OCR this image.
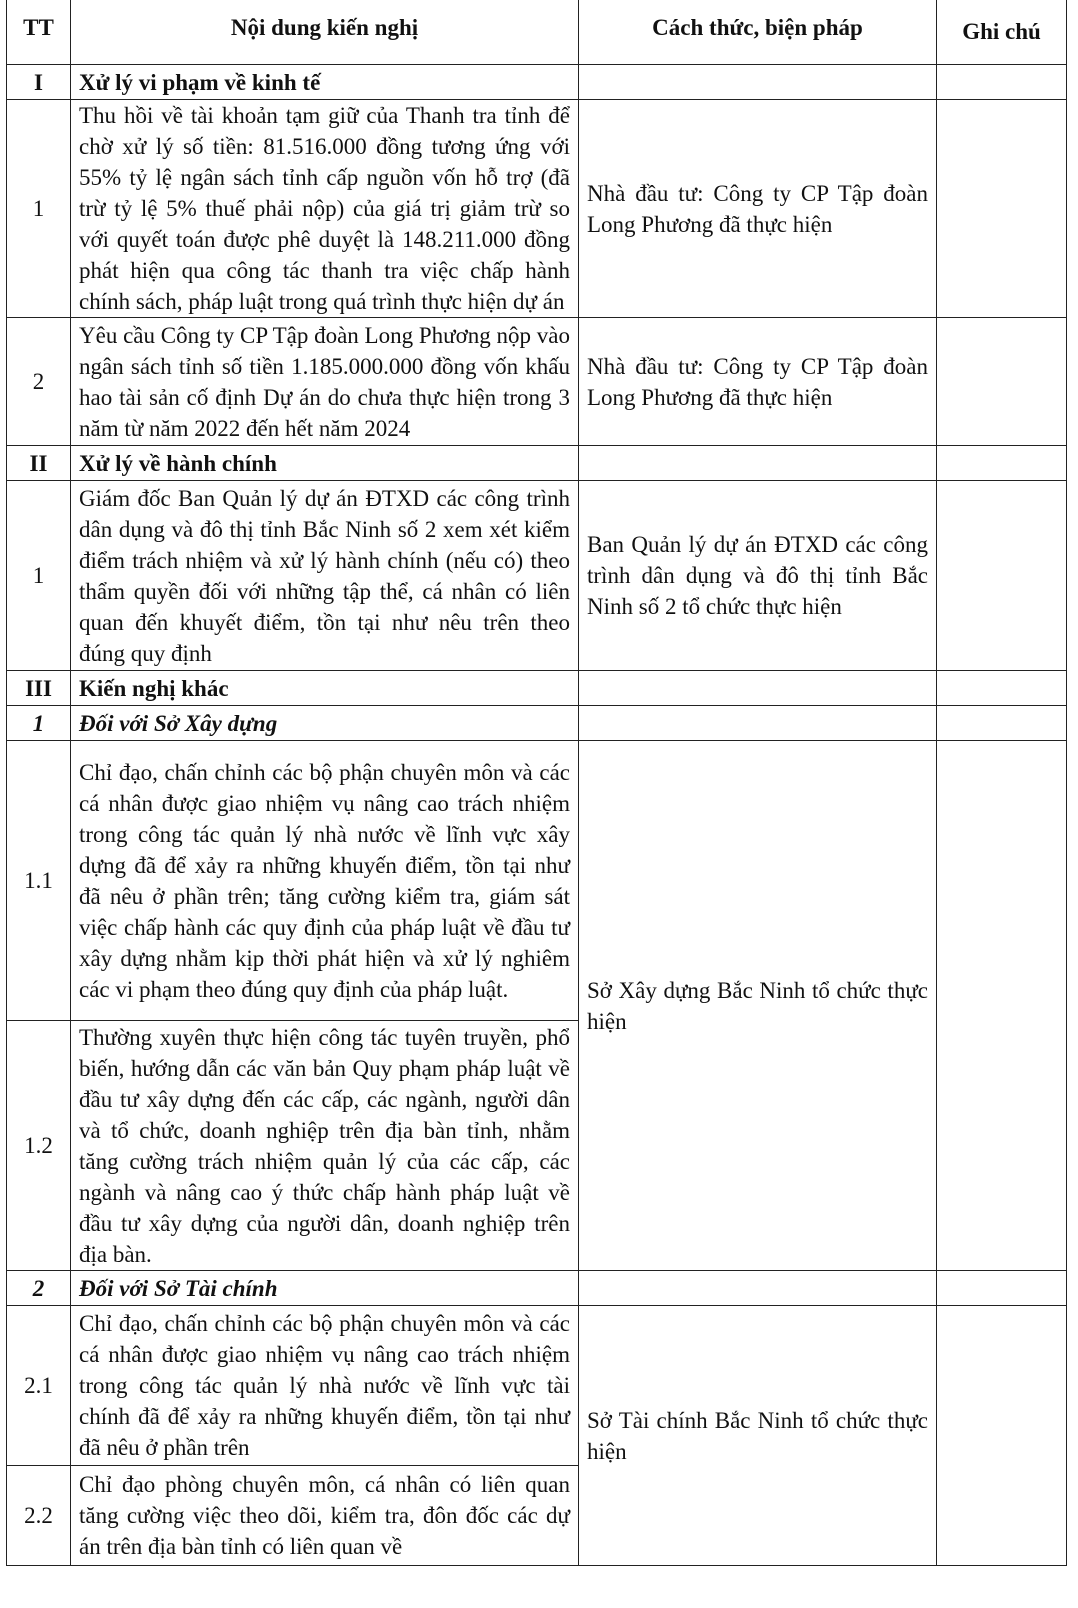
TT	Nội dung kiến nghị	Cách thức, biện pháp	Ghi chú
I	Xử lý vi phạm về kinh tế		
1	Thu hồi về tài khoản tạm giữ của Thanh tra tỉnh để chờ xử lý số tiền: 81.516.000 đồng tương ứng với 55% tỷ lệ ngân sách tỉnh cấp nguồn vốn hỗ trợ (đã trừ tỷ lệ 5% thuế phải nộp) của giá trị giảm trừ so với quyết toán được phê duyệt là 148.211.000 đồng phát hiện qua công tác thanh tra việc chấp hành chính sách, pháp luật trong quá trình thực hiện dự án	Nhà đầu tư: Công ty CP Tập đoàn Long Phương đã thực hiện	
2	Yêu cầu Công ty CP Tập đoàn Long Phương nộp vào ngân sách tỉnh số tiền 1.185.000.000 đồng vốn khấu hao tài sản cố định Dự án do chưa thực hiện trong 3 năm từ năm 2022 đến hết năm 2024	Nhà đầu tư: Công ty CP Tập đoàn Long Phương đã thực hiện	
II	Xử lý về hành chính		
1	Giám đốc Ban Quản lý dự án ĐTXD các công trình dân dụng và đô thị tỉnh Bắc Ninh số 2 xem xét kiểm điểm trách nhiệm và xử lý hành chính (nếu có) theo thẩm quyền đối với những tập thể, cá nhân có liên quan đến khuyết điểm, tồn tại như nêu trên theo đúng quy định	Ban Quản lý dự án ĐTXD các công trình dân dụng và đô thị tỉnh Bắc Ninh số 2 tổ chức thực hiện	
III	Kiến nghị khác		
1	Đối với Sở Xây dựng		
1.1	Chỉ đạo, chấn chỉnh các bộ phận chuyên môn và các cá nhân được giao nhiệm vụ nâng cao trách nhiệm trong công tác quản lý nhà nước về lĩnh vực xây dựng đã để xảy ra những khuyến điểm, tồn tại như đã nêu ở phần trên; tăng cường kiểm tra, giám sát việc chấp hành các quy định của pháp luật về đầu tư xây dựng nhằm kịp thời phát hiện và xử lý nghiêm các vi phạm theo đúng quy định của pháp luật.	Sở Xây dựng Bắc Ninh tổ chức thực hiện	
1.2	Thường xuyên thực hiện công tác tuyên truyền, phổ biến, hướng dẫn các văn bản Quy phạm pháp luật về đầu tư xây dựng đến các cấp, các ngành, người dân và tổ chức, doanh nghiệp trên địa bàn tỉnh, nhằm tăng cường trách nhiệm quản lý của các cấp, các ngành và nâng cao ý thức chấp hành pháp luật về đầu tư xây dựng của người dân, doanh nghiệp trên địa bàn.		
2	Đối với Sở Tài chính		
2.1	Chỉ đạo, chấn chỉnh các bộ phận chuyên môn và các cá nhân được giao nhiệm vụ nâng cao trách nhiệm trong công tác quản lý nhà nước về lĩnh vực tài chính đã để xảy ra những khuyến điểm, tồn tại như đã nêu ở phần trên	Sở Tài chính Bắc Ninh tổ chức thực hiện	
2.2	Chỉ đạo phòng chuyên môn, cá nhân có liên quan tăng cường việc theo dõi, kiểm tra, đôn đốc các dự án trên địa bàn tỉnh có liên quan về		
